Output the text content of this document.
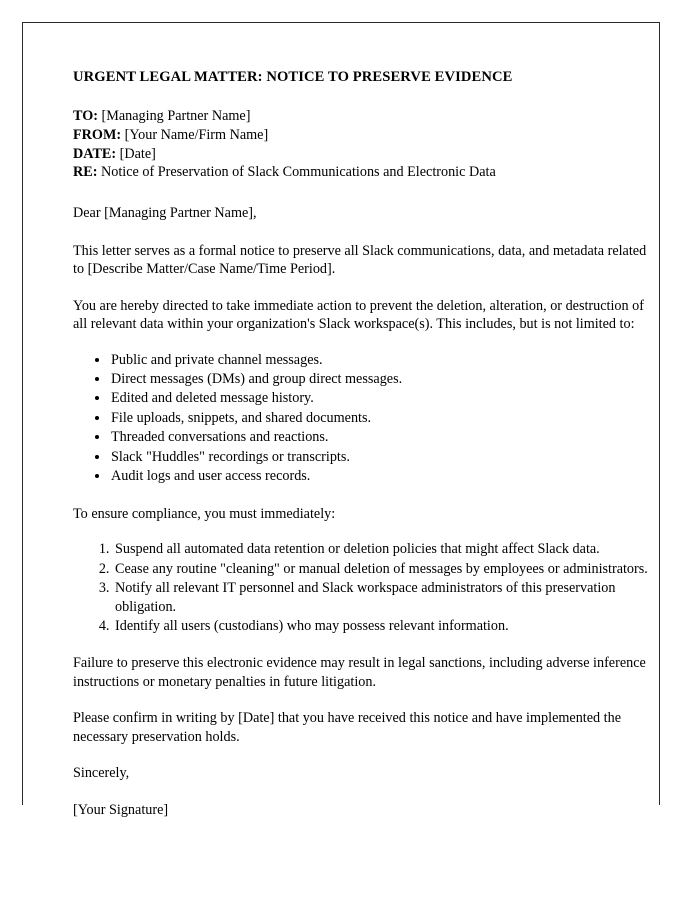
URGENT LEGAL MATTER: NOTICE TO PRESERVE EVIDENCE
TO: [Managing Partner Name]
FROM: [Your Name/Firm Name]
DATE: [Date]
RE: Notice of Preservation of Slack Communications and Electronic Data

Dear [Managing Partner Name],

This letter serves as a formal notice to preserve all Slack communications, data, and metadata related to [Describe Matter/Case Name/Time Period].

You are hereby directed to take immediate action to prevent the deletion, alteration, or destruction of all relevant data within your organization's Slack workspace(s). This includes, but is not limited to:

• Public and private channel messages.
• Direct messages (DMs) and group direct messages.
• Edited and deleted message history.
• File uploads, snippets, and shared documents.
• Threaded conversations and reactions.
• Slack "Huddles" recordings or transcripts.
• Audit logs and user access records.

To ensure compliance, you must immediately:

1. Suspend all automated data retention or deletion policies that might affect Slack data.
2. Cease any routine "cleaning" or manual deletion of messages by employees or administrators.
3. Notify all relevant IT personnel and Slack workspace administrators of this preservation obligation.
4. Identify all users (custodians) who may possess relevant information.

Failure to preserve this electronic evidence may result in legal sanctions, including adverse inference instructions or monetary penalties in future litigation.

Please confirm in writing by [Date] that you have received this notice and have implemented the necessary preservation holds.

Sincerely,

[Your Signature]
